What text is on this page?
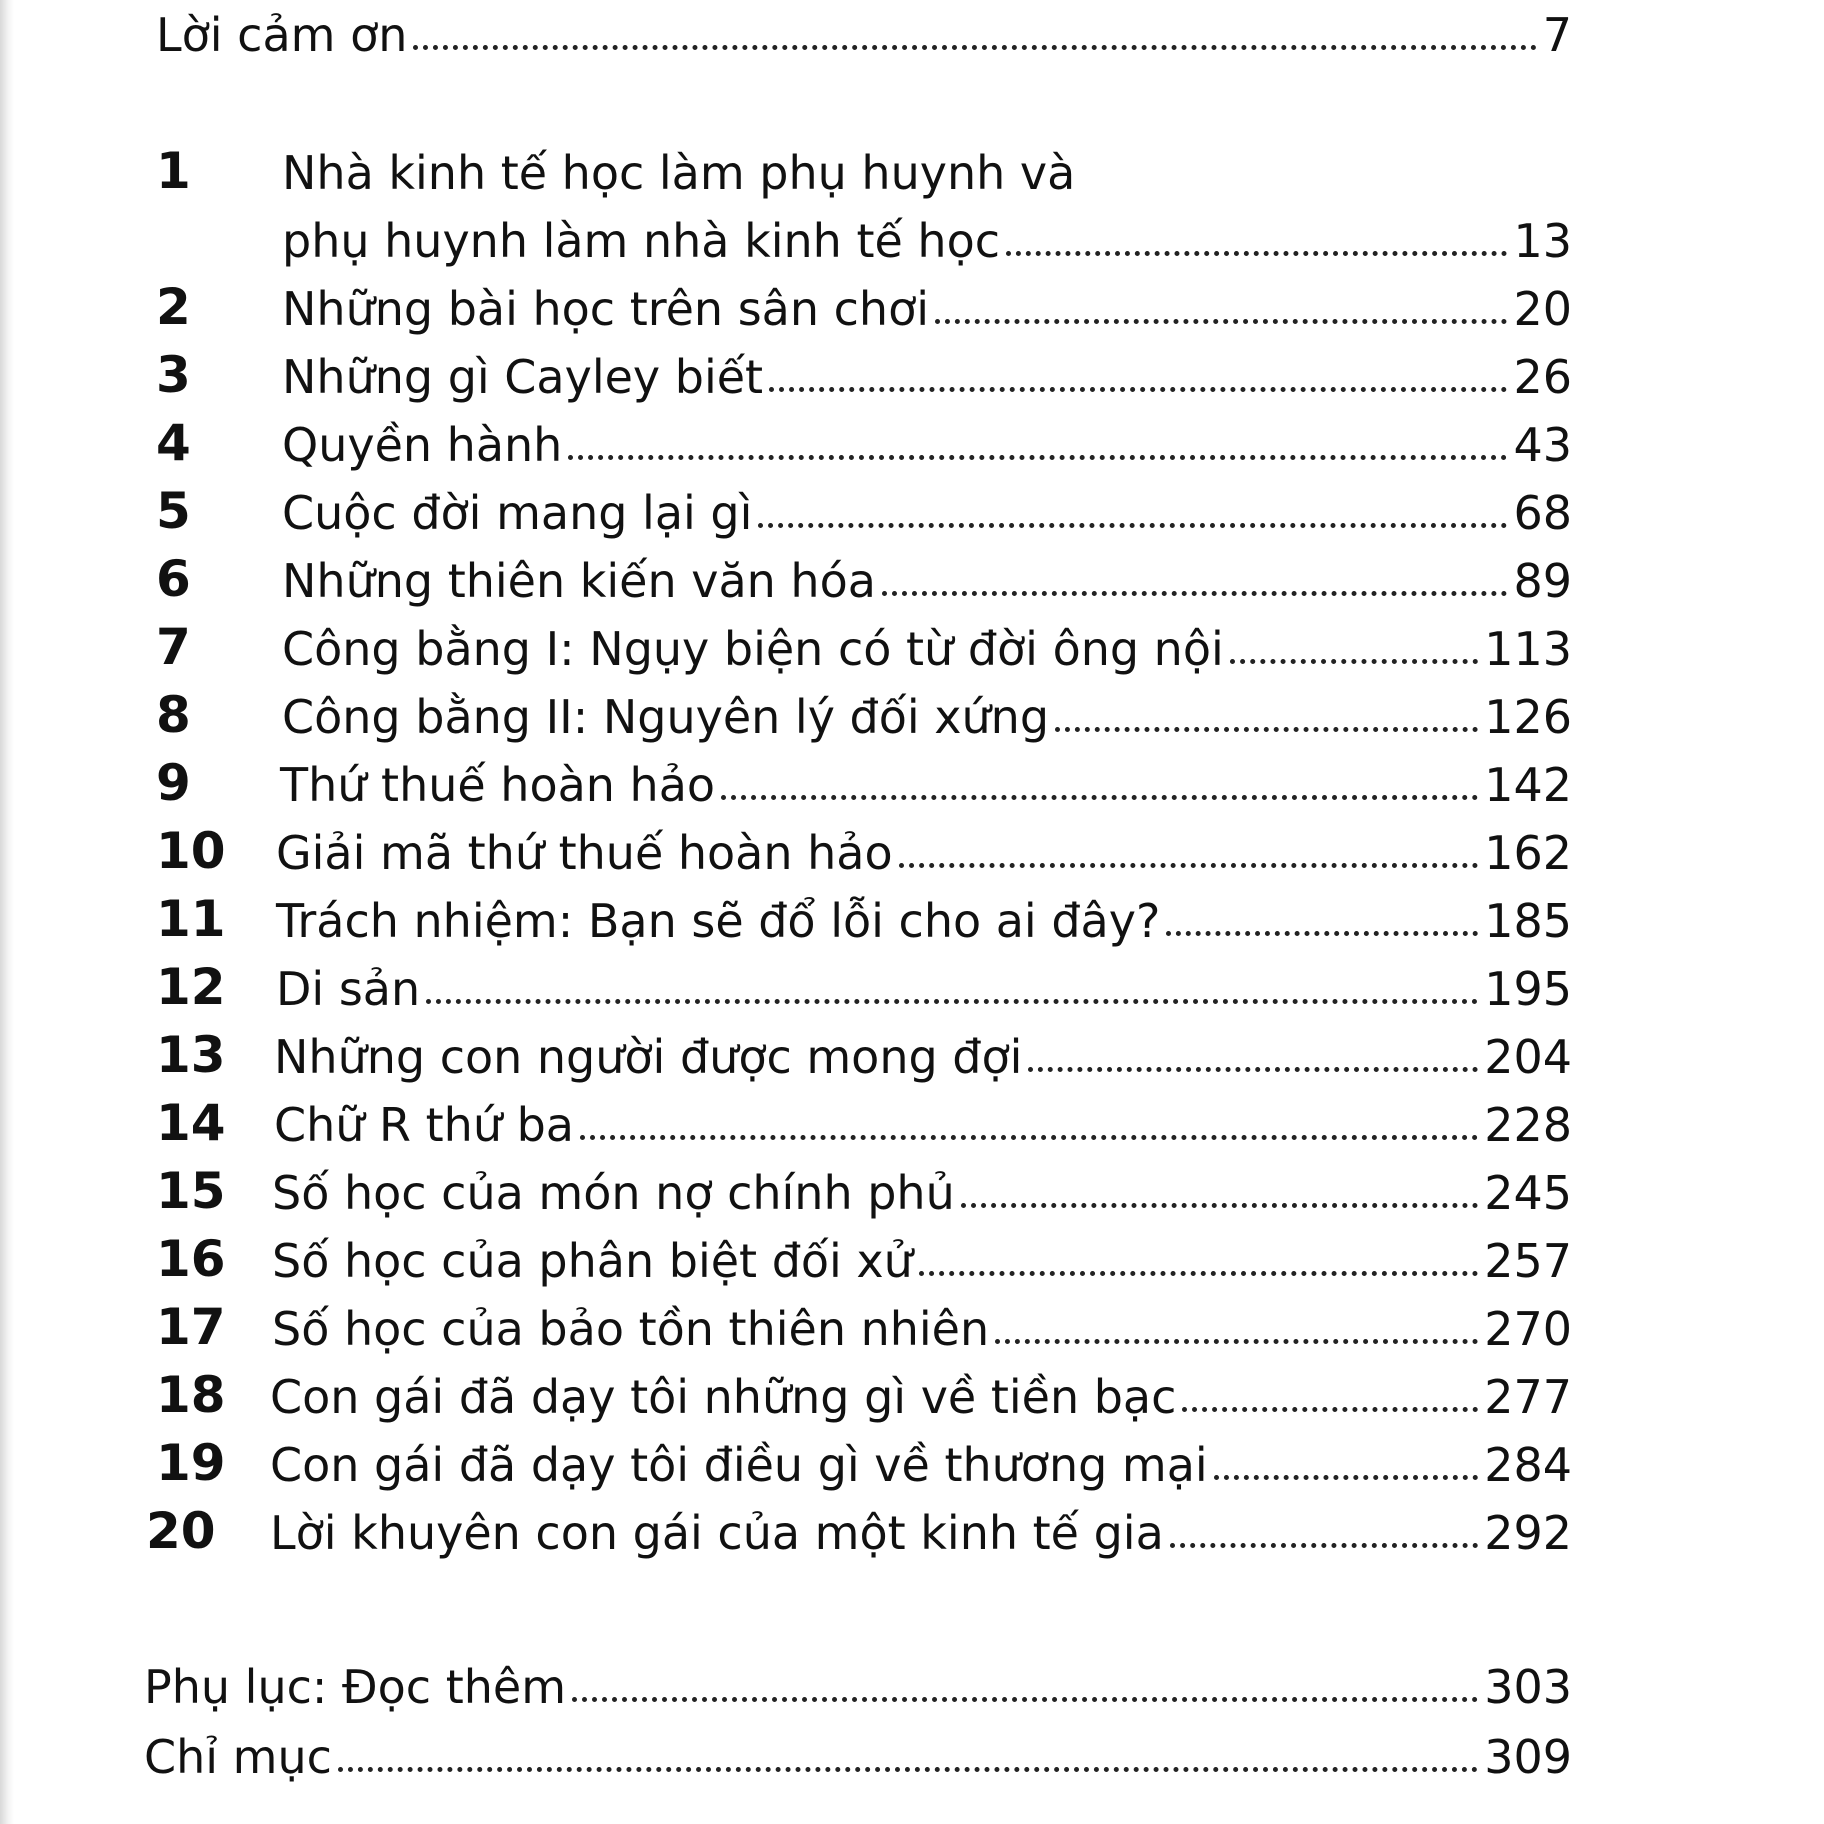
Lời cảm ơn	7
1 Nhà kinh tế học làm phụ huynh và
phụ huynh làm nhà kinh tế học	13
2 Những bài học trên sân chơi	20
3 Những gì Cayley biết	26
4 Quyền hành	43
5 Cuộc đời mang lại gì	68
6 Những thiên kiến văn hóa	89
7 Công bằng I: Ngụy biện có từ đời ông nội	113
8 Công bằng II: Nguyên lý đối xứng	126
9 Thứ thuế hoàn hảo	142
10 Giải mã thứ thuế hoàn hảo	162
11 Trách nhiệm: Bạn sẽ đổ lỗi cho ai đây?	185
12 Di sản	195
13 Những con người được mong đợi	204
14 Chữ R thứ ba	228
15 Số học của món nợ chính phủ	245
16 Số học của phân biệt đối xử	257
17 Số học của bảo tồn thiên nhiên	270
18 Con gái đã dạy tôi những gì về tiền bạc	277
19 Con gái đã dạy tôi điều gì về thương mại	284
20 Lời khuyên con gái của một kinh tế gia	292
Phụ lục: Đọc thêm	303
Chỉ mục	309
